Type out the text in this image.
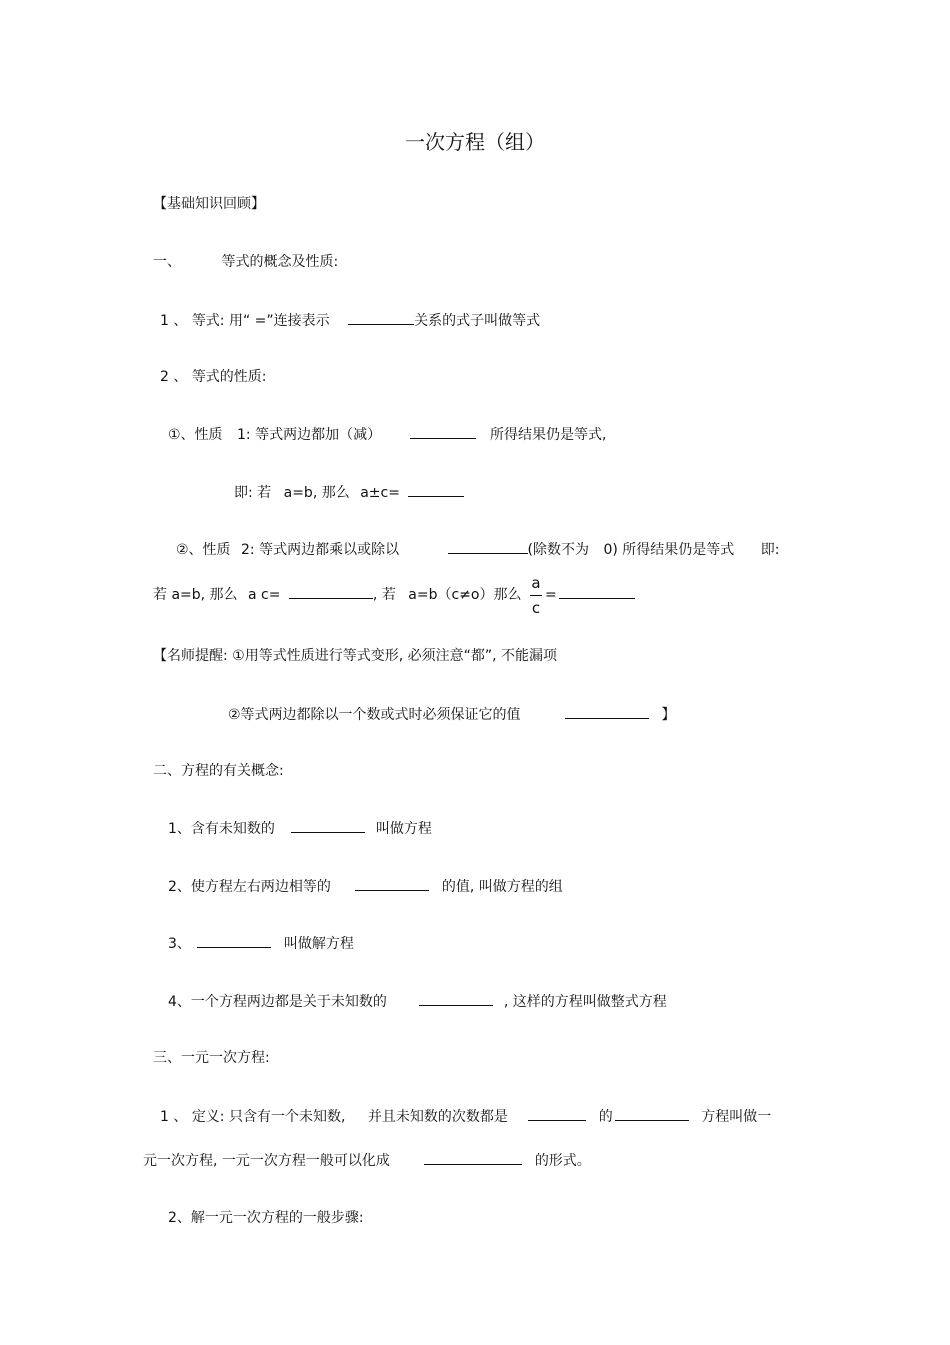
一次方程（组）
【基础知识回顾】
一、	等式的概念及性质:
1 、 等式: 用“ =”连接表示	关系的式子叫做等式
2 、 等式的性质:
①、性质 1: 等式两边都加（减）	所得结果仍是等式,
即: 若 a=b, 那么 a±c=
②、性质 2: 等式两边都乘以或除以	(除数不为 0) 所得结果仍是等式 即:
若 a=b, 那么 a c=	, 若 a=b（c≠o）那么
a
c
=
【名师提醒: ①用等式性质进行等式变形, 必须注意“都”, 不能漏项
②等式两边都除以一个数或式时必须保证它的值	】
二、方程的有关概念:
1、含有未知数的	叫做方程
2、使方程左右两边相等的	的值, 叫做方程的组
3、	叫做解方程
4、一个方程两边都是关于未知数的	, 这样的方程叫做整式方程
三、一元一次方程:
1 、 定义: 只含有一个未知数, 并且未知数的次数都是	的	方程叫做一
元一次方程, 一元一次方程一般可以化成	的形式。
2、解一元一次方程的一般步骤:
